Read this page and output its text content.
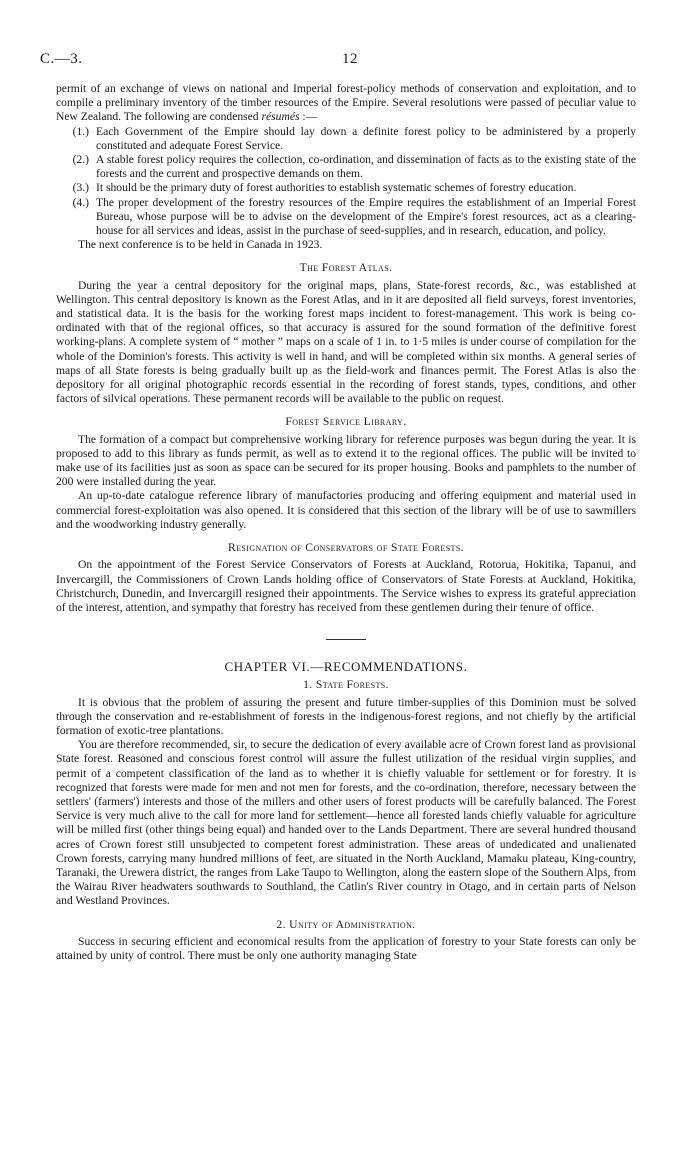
C.—3.	12

permit of an exchange of views on national and Imperial forest-policy methods of conservation and exploitation, and to compile a preliminary inventory of the timber resources of the Empire. Several resolutions were passed of peculiar value to New Zealand. The following are condensed résumés :—

(1.) Each Government of the Empire should lay down a definite forest policy to be administered by a properly constituted and adequate Forest Service.
(2.) A stable forest policy requires the collection, co-ordination, and dissemination of facts as to the existing state of the forests and the current and prospective demands on them.
(3.) It should be the primary duty of forest authorities to establish systematic schemes of forestry education.
(4.) The proper development of the forestry resources of the Empire requires the establishment of an Imperial Forest Bureau, whose purpose will be to advise on the development of the Empire's forest resources, act as a clearing-house for all services and ideas, assist in the purchase of seed-supplies, and in research, education, and policy.

The next conference is to be held in Canada in 1923.

The Forest Atlas.

During the year a central depository for the original maps, plans, State-forest records, &c., was established at Wellington. This central depository is known as the Forest Atlas, and in it are deposited all field surveys, forest inventories, and statistical data. It is the basis for the working forest maps incident to forest-management. This work is being co-ordinated with that of the regional offices, so that accuracy is assured for the sound formation of the definitive forest working-plans. A complete system of “ mother ” maps on a scale of 1 in. to 1·5 miles is under course of compilation for the whole of the Dominion's forests. This activity is well in hand, and will be completed within six months. A general series of maps of all State forests is being gradually built up as the field-work and finances permit. The Forest Atlas is also the depository for all original photographic records essential in the recording of forest stands, types, conditions, and other factors of silvical operations. These permanent records will be available to the public on request.

Forest Service Library.

The formation of a compact but comprehensive working library for reference purposes was begun during the year. It is proposed to add to this library as funds permit, as well as to extend it to the regional offices. The public will be invited to make use of its facilities just as soon as space can be secured for its proper housing. Books and pamphlets to the number of 200 were installed during the year.

An up-to-date catalogue reference library of manufactories producing and offering equipment and material used in commercial forest-exploitation was also opened. It is considered that this section of the library will be of use to sawmillers and the woodworking industry generally.

Resignation of Conservators of State Forests.

On the appointment of the Forest Service Conservators of Forests at Auckland, Rotorua, Hokitika, Tapanui, and Invercargill, the Commissioners of Crown Lands holding office of Conservators of State Forests at Auckland, Hokitika, Christchurch, Dunedin, and Invercargill resigned their appointments. The Service wishes to express its grateful appreciation of the interest, attention, and sympathy that forestry has received from these gentlemen during their tenure of office.

CHAPTER VI.—RECOMMENDATIONS.
1. State Forests.

It is obvious that the problem of assuring the present and future timber-supplies of this Dominion must be solved through the conservation and re-establishment of forests in the indigenous-forest regions, and not chiefly by the artificial formation of exotic-tree plantations.

You are therefore recommended, sir, to secure the dedication of every available acre of Crown forest land as provisional State forest. Reasoned and conscious forest control will assure the fullest utilization of the residual virgin supplies, and permit of a competent classification of the land as to whether it is chiefly valuable for settlement or for forestry. It is recognized that forests were made for men and not men for forests, and the co-ordination, therefore, necessary between the settlers' (farmers') interests and those of the millers and other users of forest products will be carefully balanced. The Forest Service is very much alive to the call for more land for settlement—hence all forested lands chiefly valuable for agriculture will be milled first (other things being equal) and handed over to the Lands Department. There are several hundred thousand acres of Crown forest still unsubjected to competent forest administration. These areas of undedicated and unalienated Crown forests, carrying many hundred millions of feet, are situated in the North Auckland, Mamaku plateau, King-country, Taranaki, the Urewera district, the ranges from Lake Taupo to Wellington, along the eastern slope of the Southern Alps, from the Wairau River headwaters southwards to Southland, the Catlin's River country in Otago, and in certain parts of Nelson and Westland Provinces.

2. Unity of Administration.

Success in securing efficient and economical results from the application of forestry to your State forests can only be attained by unity of control. There must be only one authority managing State
